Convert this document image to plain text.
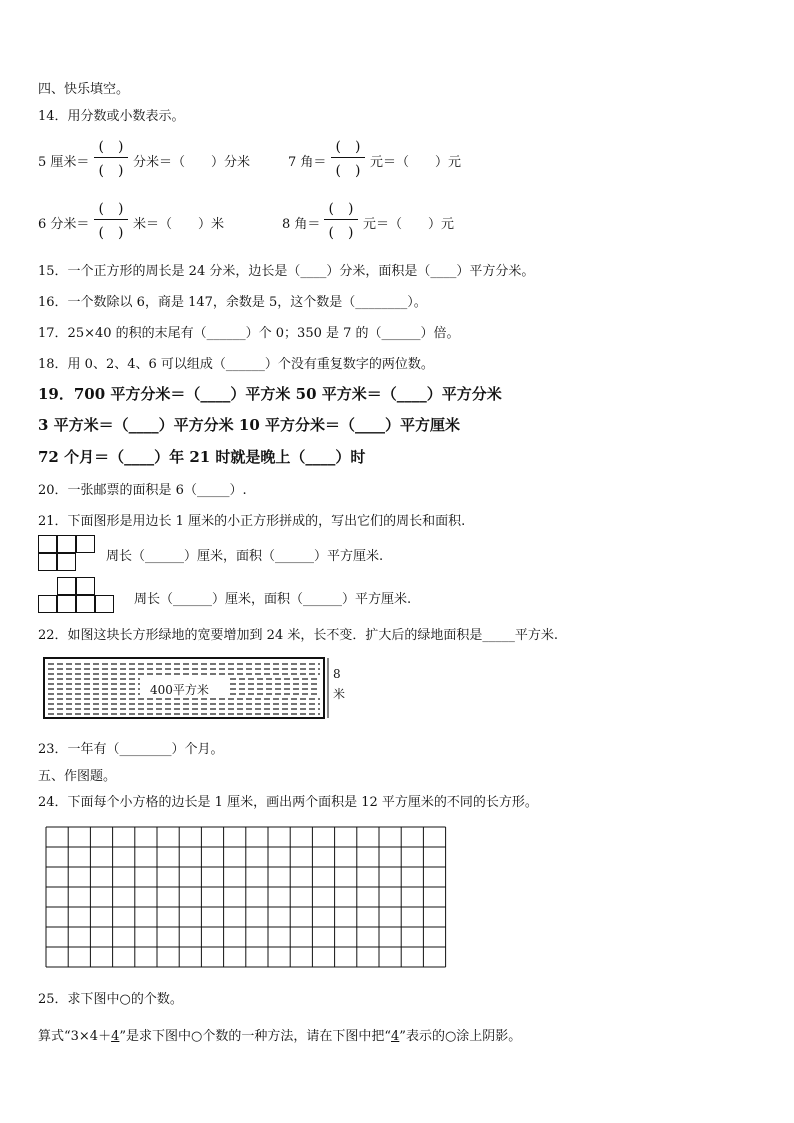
四、快乐填空。
14．用分数或小数表示。
5 厘米＝
(　)
(　)
分米＝（　　）分米	7 角＝
(　)
(　)
元＝（　　）元
6 分米＝
(　)
(　)
米＝（　　）米	8 角＝
(　)
(　)
元＝（　　）元
15．一个正方形的周长是 24 分米，边长是（____）分米，面积是（____）平方分米。
16．一个数除以 6，商是 147，余数是 5，这个数是（________）。
17．25×40 的积的末尾有（______）个 0；350 是 7 的（______）倍。
18．用 0、2、4、6 可以组成（______）个没有重复数字的两位数。
19．700 平方分米＝（____）平方米 50 平方米＝（____）平方分米
3 平方米＝（____）平方分米 10 平方分米＝（____）平方厘米
72 个月＝（____）年 21 时就是晚上（____）时
20．一张邮票的面积是 6（_____）.
21．下面图形是用边长 1 厘米的小正方形拼成的，写出它们的周长和面积.
周长（______）厘米，面积（______）平方厘米.
周长（______）厘米，面积（______）平方厘米.
22．如图这块长方形绿地的宽要增加到 24 米，长不变．扩大后的绿地面积是_____平方米.
400平方米
8
米
23．一年有（________）个月。
五、作图题。
24．下面每个小方格的边长是 1 厘米，画出两个面积是 12 平方厘米的不同的长方形。
25．求下图中○的个数。
算式“3×4＋4”是求下图中○个数的一种方法，请在下图中把“4”表示的○涂上阴影。
